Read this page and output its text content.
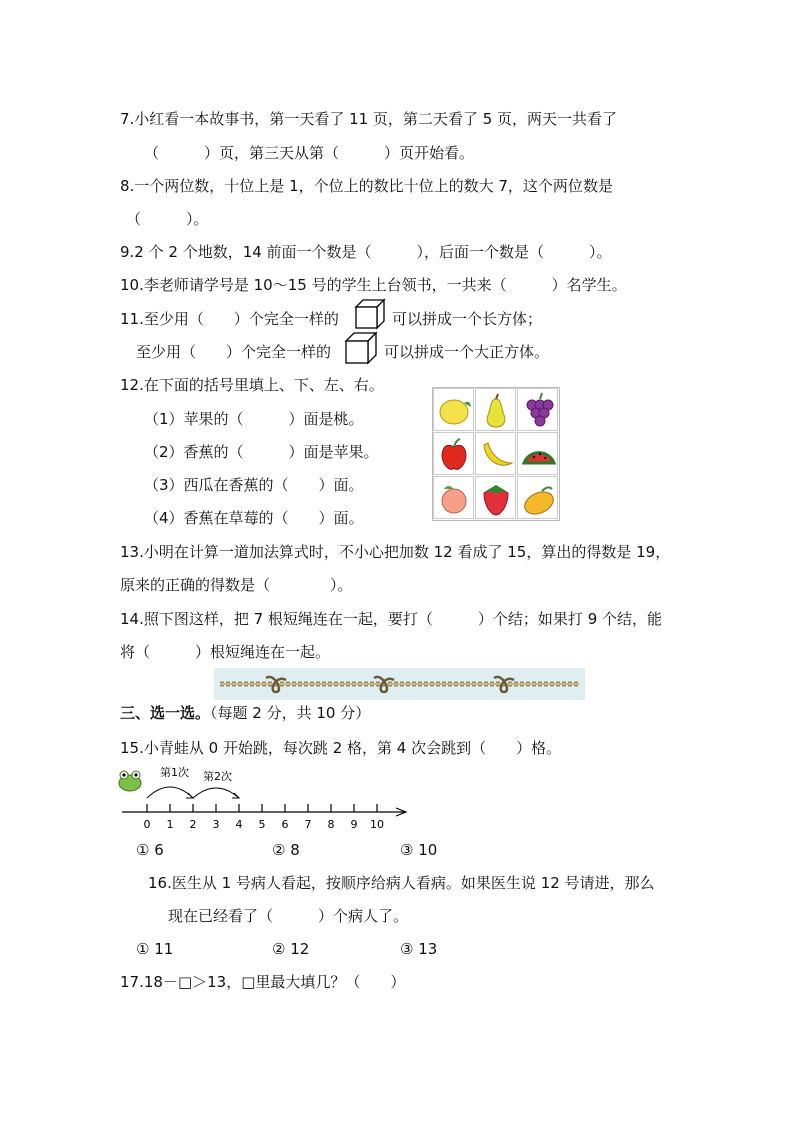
7.小红看一本故事书，第一天看了 11 页，第二天看了 5 页，两天一共看了
（　　　）页，第三天从第（　　　）页开始看。
8.一个两位数，十位上是 1，个位上的数比十位上的数大 7，这个两位数是
（　　　）。
9.2 个 2 个地数，14 前面一个数是（　　　），后面一个数是（　　　）。
10.李老师请学号是 10～15 号的学生上台领书，一共来（　　　）名学生。
11.至少用（　　）个完全一样的	可以拼成一个长方体；
至少用（　　）个完全一样的	可以拼成一个大正方体。
12.在下面的括号里填上、下、左、右。
（1）苹果的（　　　）面是桃。
（2）香蕉的（　　　）面是苹果。
（3）西瓜在香蕉的（　　）面。
（4）香蕉在草莓的（　　）面。
13.小明在计算一道加法算式时，不小心把加数 12 看成了 15，算出的得数是 19，
原来的正确的得数是（　　　　）。
14.照下图这样，把 7 根短绳连在一起，要打（　　　）个结；如果打 9 个结，能
将（　　　）根短绳连在一起。
三、选一选。（每题 2 分，共 10 分）
15.小青蛙从 0 开始跳，每次跳 2 格，第 4 次会跳到（　　）格。
第1次 第2次
0 1 2 3 4 5 6 7 8 9 10
① 6	② 8	③ 10
16.医生从 1 号病人看起，按顺序给病人看病。如果医生说 12 号请进，那么
现在已经看了（　　　）个病人了。
① 11	② 12	③ 13
17.18－□＞13，□里最大填几？（　　）
